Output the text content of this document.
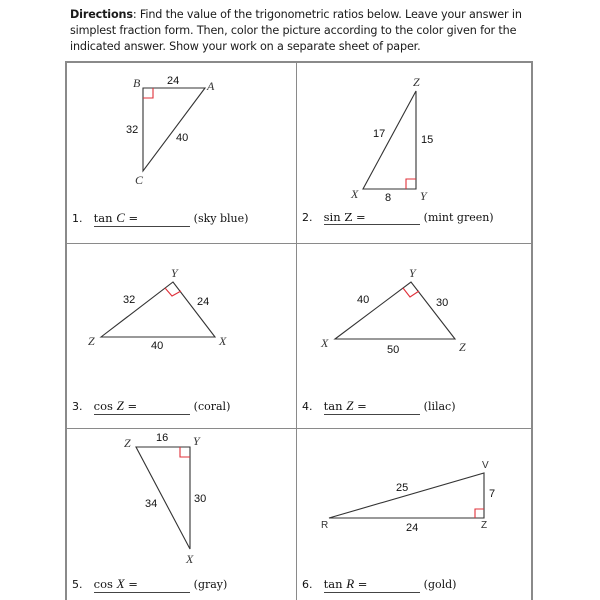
Directions: Find the value of the trigonometric ratios below. Leave your answer in simplest fraction form. Then, color the picture according to the color given for the indicated answer. Show your work on a separate sheet of paper.
B	A
C
24
32
40
1. tan C =	(sky blue)
Z
X	Y
17	15
8
2. sin Z =	(mint green)
Y
Z	X
32	24
40
3. cos Z =	(coral)
Y
X	Z
40	30
50
4. tan Z =	(lilac)
Z	Y
X
16
34	30
5. cos X =	(gray)
V
R	Z
25	7
24
6. tan R =	(gold)
